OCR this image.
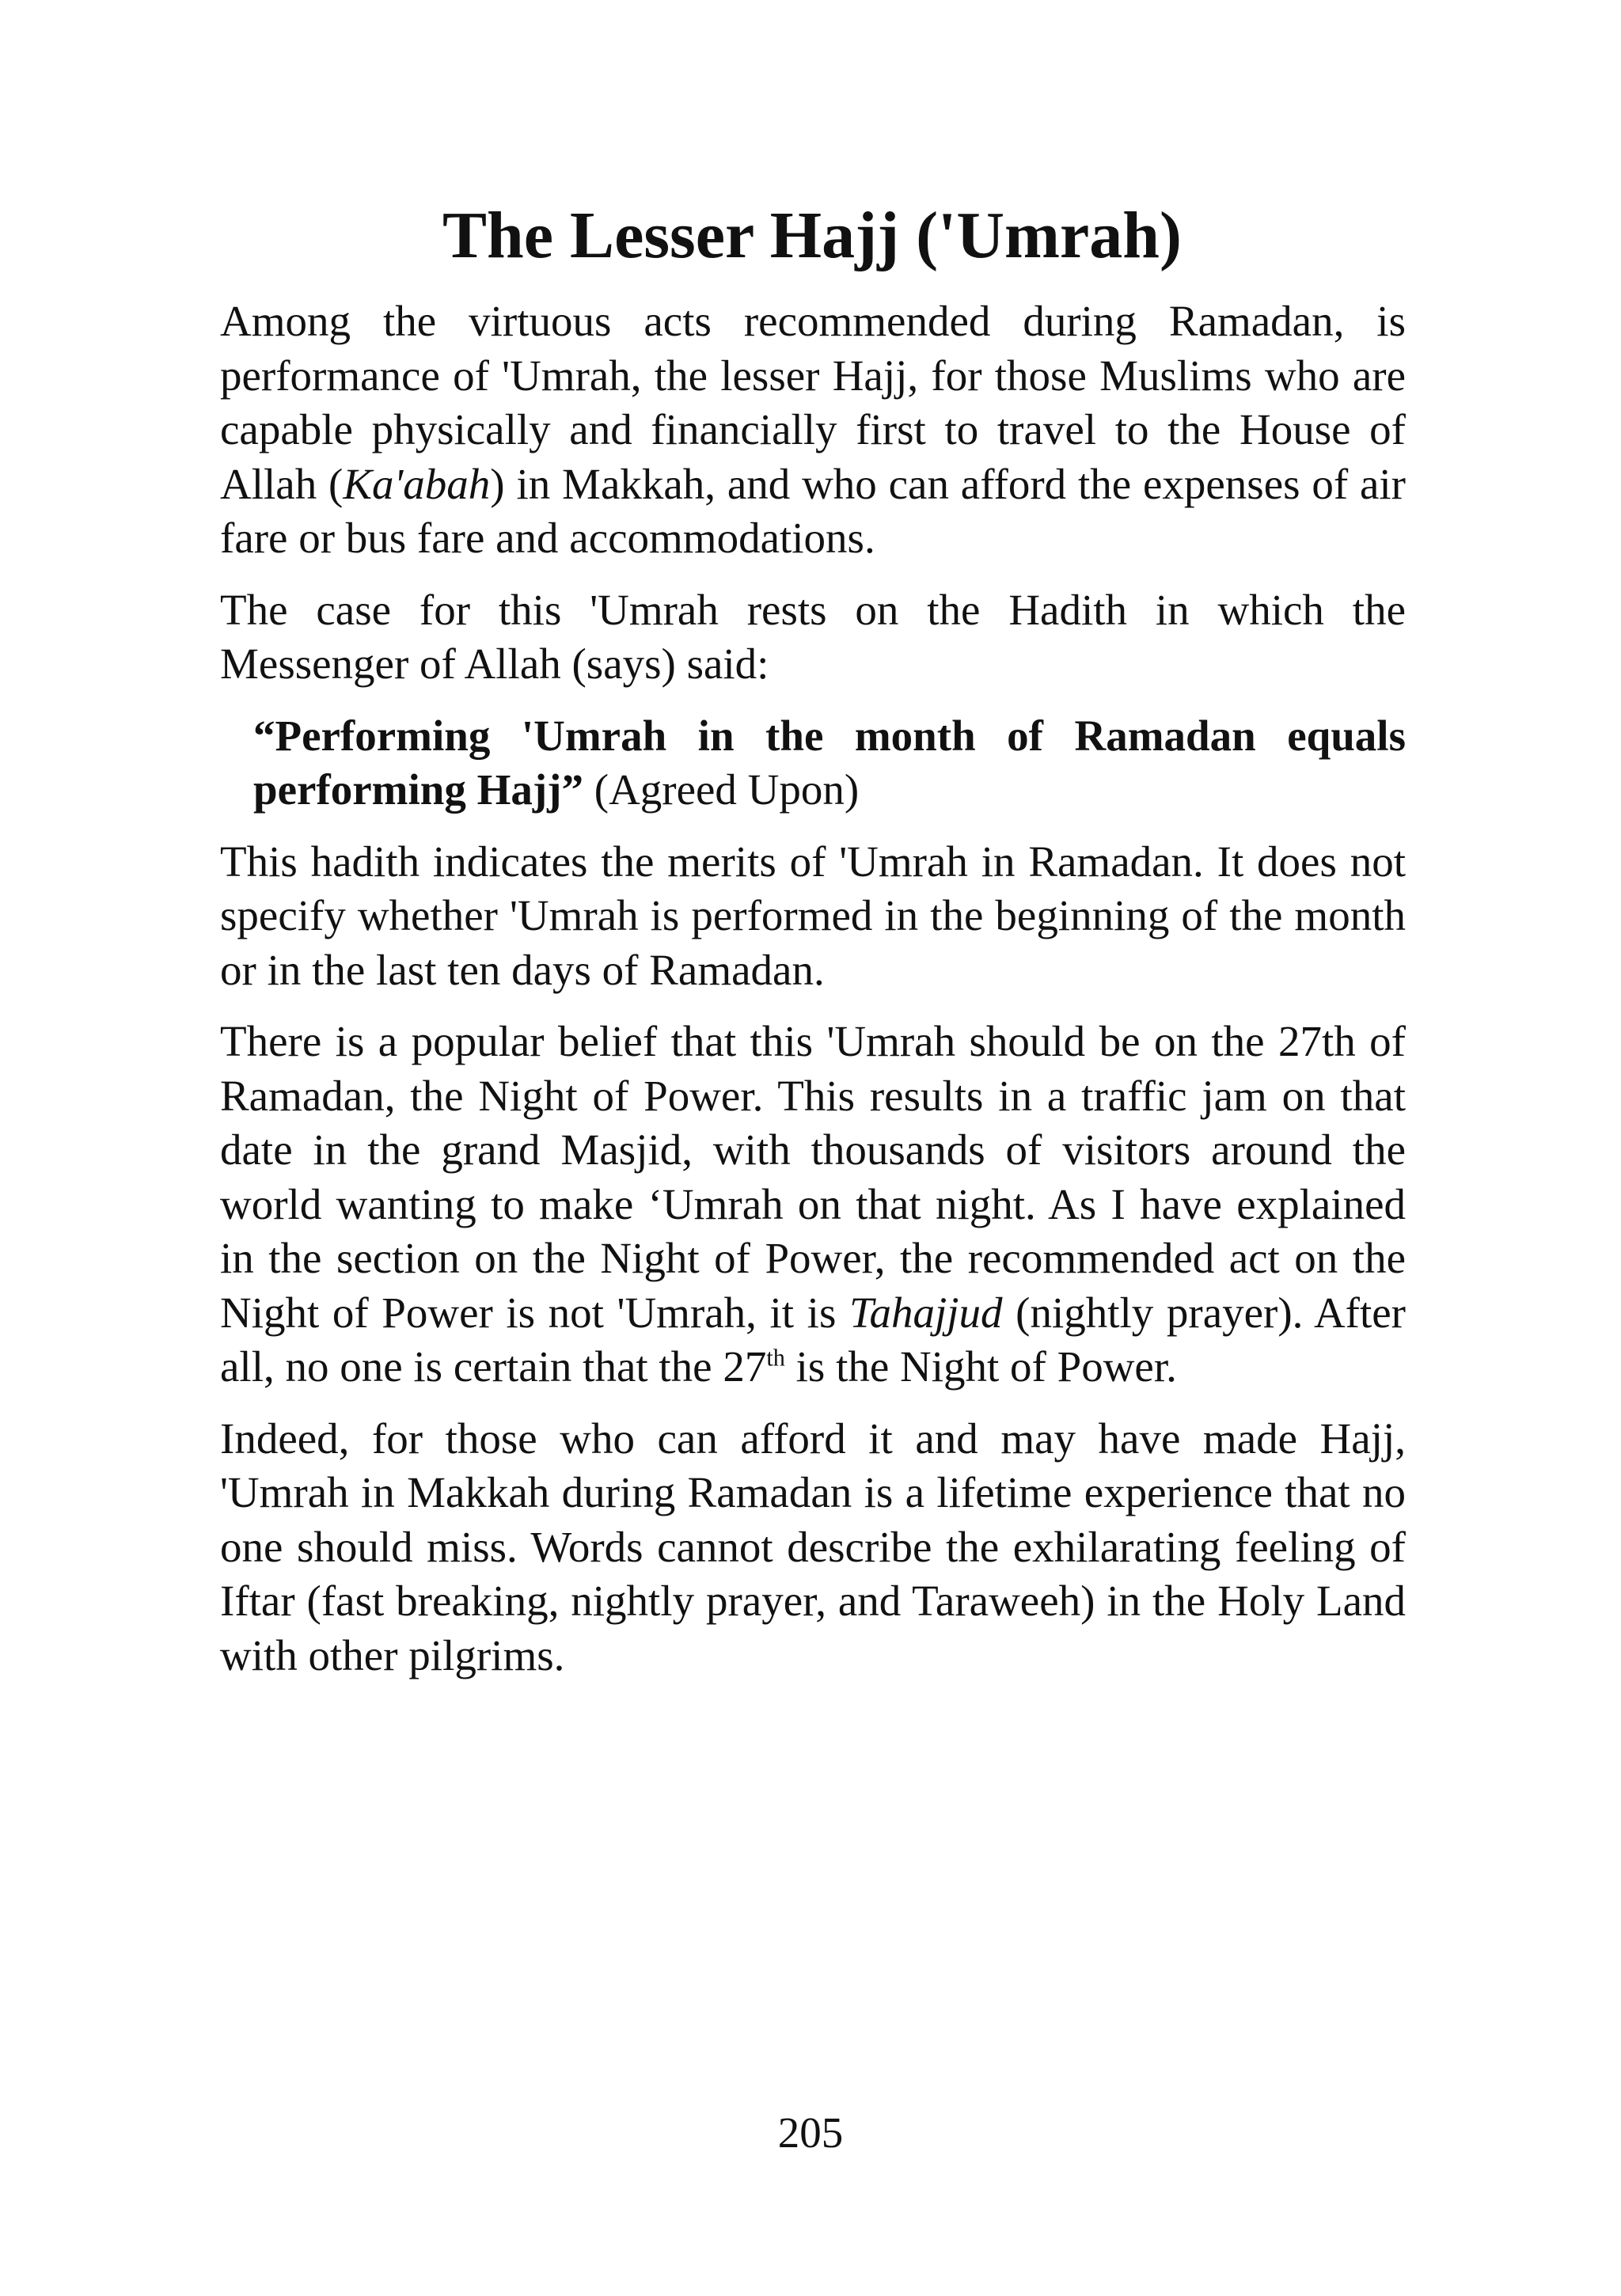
The Lesser Hajj ('Umrah)

Among the virtuous acts recommended during Ramadan, is performance of 'Umrah, the lesser Hajj, for those Muslims who are capable physically and financially first to travel to the House of Allah (Ka'abah) in Makkah, and who can afford the expenses of air fare or bus fare and accommodations.

The case for this 'Umrah rests on the Hadith in which the Messenger of Allah (says) said:

“Performing 'Umrah in the month of Ramadan equals performing Hajj” (Agreed Upon)

This hadith indicates the merits of 'Umrah in Ramadan. It does not specify whether 'Umrah is performed in the beginning of the month or in the last ten days of Ramadan.

There is a popular belief that this 'Umrah should be on the 27th of Ramadan, the Night of Power. This results in a traffic jam on that date in the grand Masjid, with thousands of visitors around the world wanting to make ‘Umrah on that night. As I have explained in the section on the Night of Power, the recommended act on the Night of Power is not 'Umrah, it is Tahajjud (nightly prayer). After all, no one is certain that the 27th is the Night of Power.

Indeed, for those who can afford it and may have made Hajj, 'Umrah in Makkah during Ramadan is a lifetime experience that no one should miss. Words cannot describe the exhilarating feeling of Iftar (fast breaking, nightly prayer, and Taraweeh) in the Holy Land with other pilgrims.

205
